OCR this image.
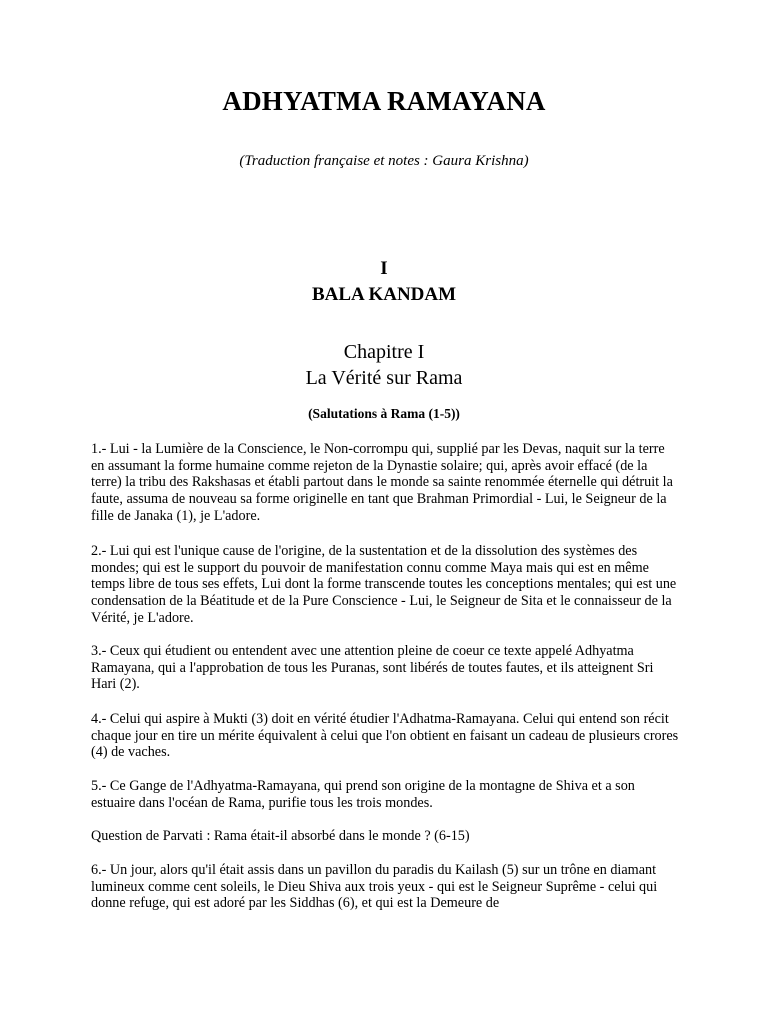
ADHYATMA RAMAYANA

(Traduction française et notes : Gaura Krishna)

I

BALA KANDAM

Chapitre I

La Vérité sur Rama

(Salutations à Rama (1-5))

1.- Lui - la Lumière de la Conscience, le Non-corrompu qui, supplié par les Devas, naquit sur la terre en assumant la forme humaine comme rejeton de la Dynastie solaire; qui, après avoir effacé (de la terre) la tribu des Rakshasas et établi partout dans le monde sa sainte renommée éternelle qui détruit la faute, assuma de nouveau sa forme originelle en tant que Brahman Primordial - Lui, le Seigneur de la fille de Janaka (1), je L'adore.

2.- Lui qui est l'unique cause de l'origine, de la sustentation et de la dissolution des systèmes des mondes; qui est le support du pouvoir de manifestation connu comme Maya mais qui est en même temps libre de tous ses effets, Lui dont la forme transcende toutes les conceptions mentales; qui est une condensation de la Béatitude et de la Pure Conscience - Lui, le Seigneur de Sita et le connaisseur de la Vérité, je L'adore.

3.- Ceux qui étudient ou entendent avec une attention pleine de coeur ce texte appelé Adhyatma Ramayana, qui a l'approbation de tous les Puranas, sont libérés de toutes fautes, et ils atteignent Sri Hari (2).

4.- Celui qui aspire à Mukti (3) doit en vérité étudier l'Adhatma-Ramayana. Celui qui entend son récit chaque jour en tire un mérite équivalent à celui que l'on obtient en faisant un cadeau de plusieurs crores (4) de vaches.

5.- Ce Gange de l'Adhyatma-Ramayana, qui prend son origine de la montagne de Shiva et a son estuaire dans l'océan de Rama, purifie tous les trois mondes.

Question de Parvati : Rama était-il absorbé dans le monde ? (6-15)

6.- Un jour, alors qu'il était assis dans un pavillon du paradis du Kailash (5) sur un trône en diamant lumineux comme cent soleils, le Dieu Shiva aux trois yeux - qui est le Seigneur Suprême - celui qui donne refuge, qui est adoré par les Siddhas (6), et qui est la Demeure de
